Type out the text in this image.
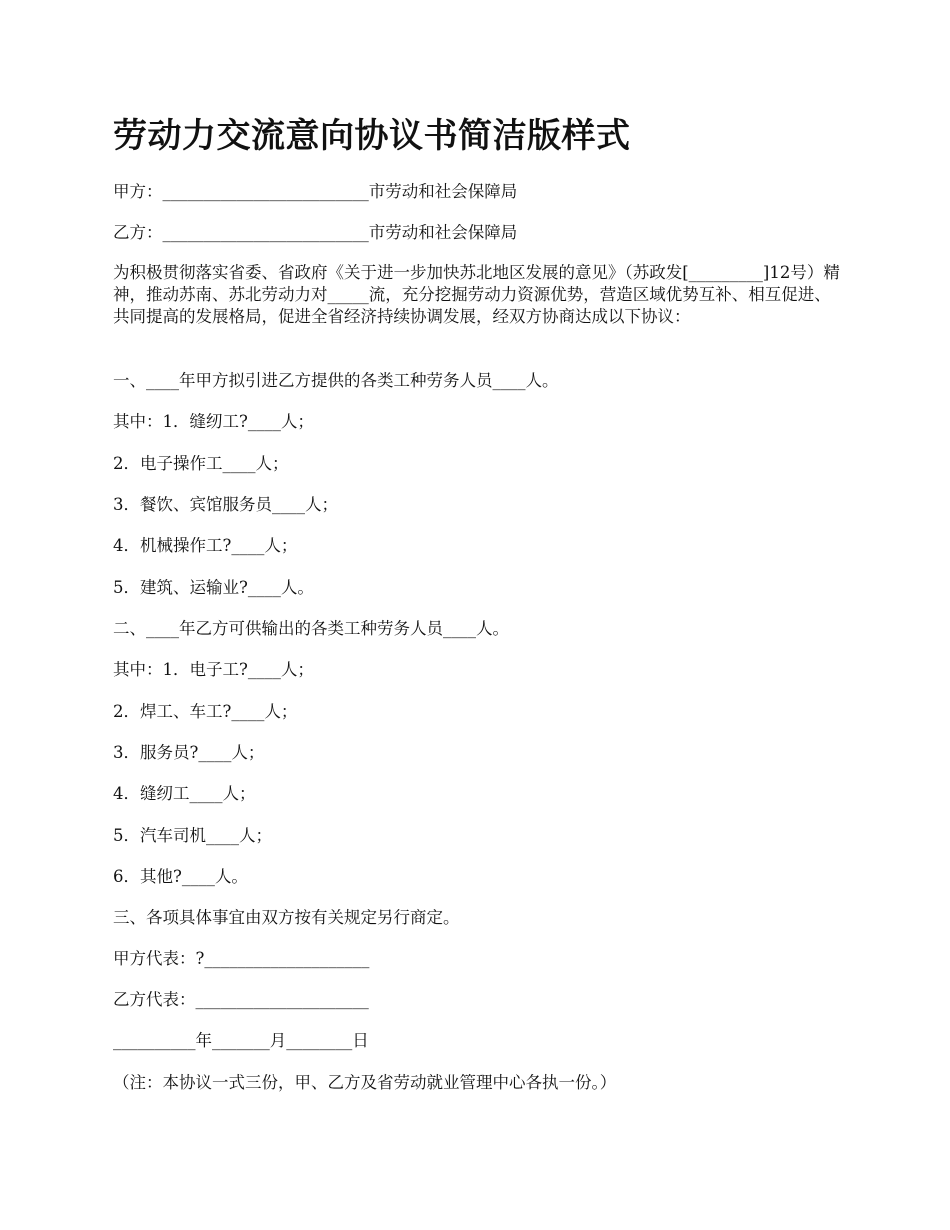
劳动力交流意向协议书简洁版样式

甲方：_________________________市劳动和社会保障局

乙方：_________________________市劳动和社会保障局

为积极贯彻落实省委、省政府《关于进一步加快苏北地区发展的意见》（苏政发[_________]12号）精神，推动苏南、苏北劳动力对_____流，充分挖掘劳动力资源优势，营造区域优势互补、相互促进、共同提高的发展格局，促进全省经济持续协调发展，经双方协商达成以下协议：

一、____年甲方拟引进乙方提供的各类工种劳务人员____人。

其中：1．缝纫工?____人；

2．电子操作工____人；

3．餐饮、宾馆服务员____人；

4．机械操作工?____人；

5．建筑、运输业?____人。

二、____年乙方可供输出的各类工种劳务人员____人。

其中：1．电子工?____人；

2．焊工、车工?____人；

3．服务员?____人；

4．缝纫工____人；

5．汽车司机____人；

6．其他?____人。

三、各项具体事宜由双方按有关规定另行商定。

甲方代表：?____________________

乙方代表：_____________________

__________年_______月________日

（注：本协议一式三份，甲、乙方及省劳动就业管理中心各执一份。）
